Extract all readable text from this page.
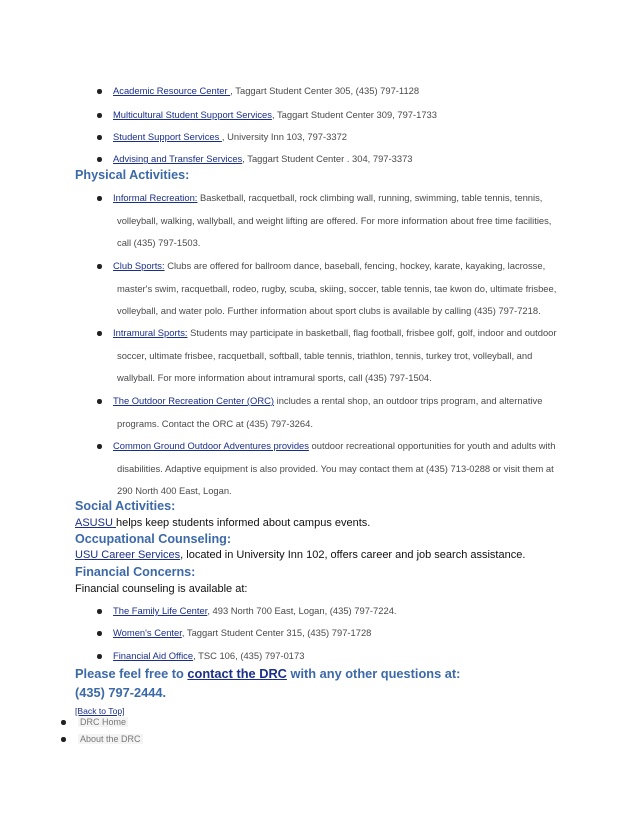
Academic Resource Center , Taggart Student Center 305, (435) 797-1128
Multicultural Student Support Services, Taggart Student Center 309, 797-1733
Student Support Services , University Inn 103, 797-3372
Advising and Transfer Services, Taggart Student Center . 304, 797-3373
Physical Activities:
Informal Recreation: Basketball, racquetball, rock climbing wall, running, swimming, table tennis, tennis,
volleyball, walking, wallyball, and weight lifting are offered. For more information about free time facilities,
call (435) 797-1503.
Club Sports: Clubs are offered for ballroom dance, baseball, fencing, hockey, karate, kayaking, lacrosse,
master's swim, racquetball, rodeo, rugby, scuba, skiing, soccer, table tennis, tae kwon do, ultimate frisbee,
volleyball, and water polo. Further information about sport clubs is available by calling (435) 797-7218.
Intramural Sports: Students may participate in basketball, flag football, frisbee golf, golf, indoor and outdoor
soccer, ultimate frisbee, racquetball, softball, table tennis, triathlon, tennis, turkey trot, volleyball, and
wallyball. For more information about intramural sports, call (435) 797-1504.
The Outdoor Recreation Center (ORC) includes a rental shop, an outdoor trips program, and alternative
programs. Contact the ORC at (435) 797-3264.
Common Ground Outdoor Adventures provides outdoor recreational opportunities for youth and adults with
disabilities. Adaptive equipment is also provided. You may contact them at (435) 713-0288 or visit them at
290 North 400 East, Logan.
Social Activities:
ASUSU helps keep students informed about campus events.
Occupational Counseling:
USU Career Services, located in University Inn 102, offers career and job search assistance.
Financial Concerns:
Financial counseling is available at:
The Family Life Center, 493 North 700 East, Logan, (435) 797-7224.
Women's Center, Taggart Student Center 315, (435) 797-1728
Financial Aid Office, TSC 106, (435) 797-0173
Please feel free to contact the DRC with any other questions at:
(435) 797-2444.
[Back to Top]
DRC Home
About the DRC
